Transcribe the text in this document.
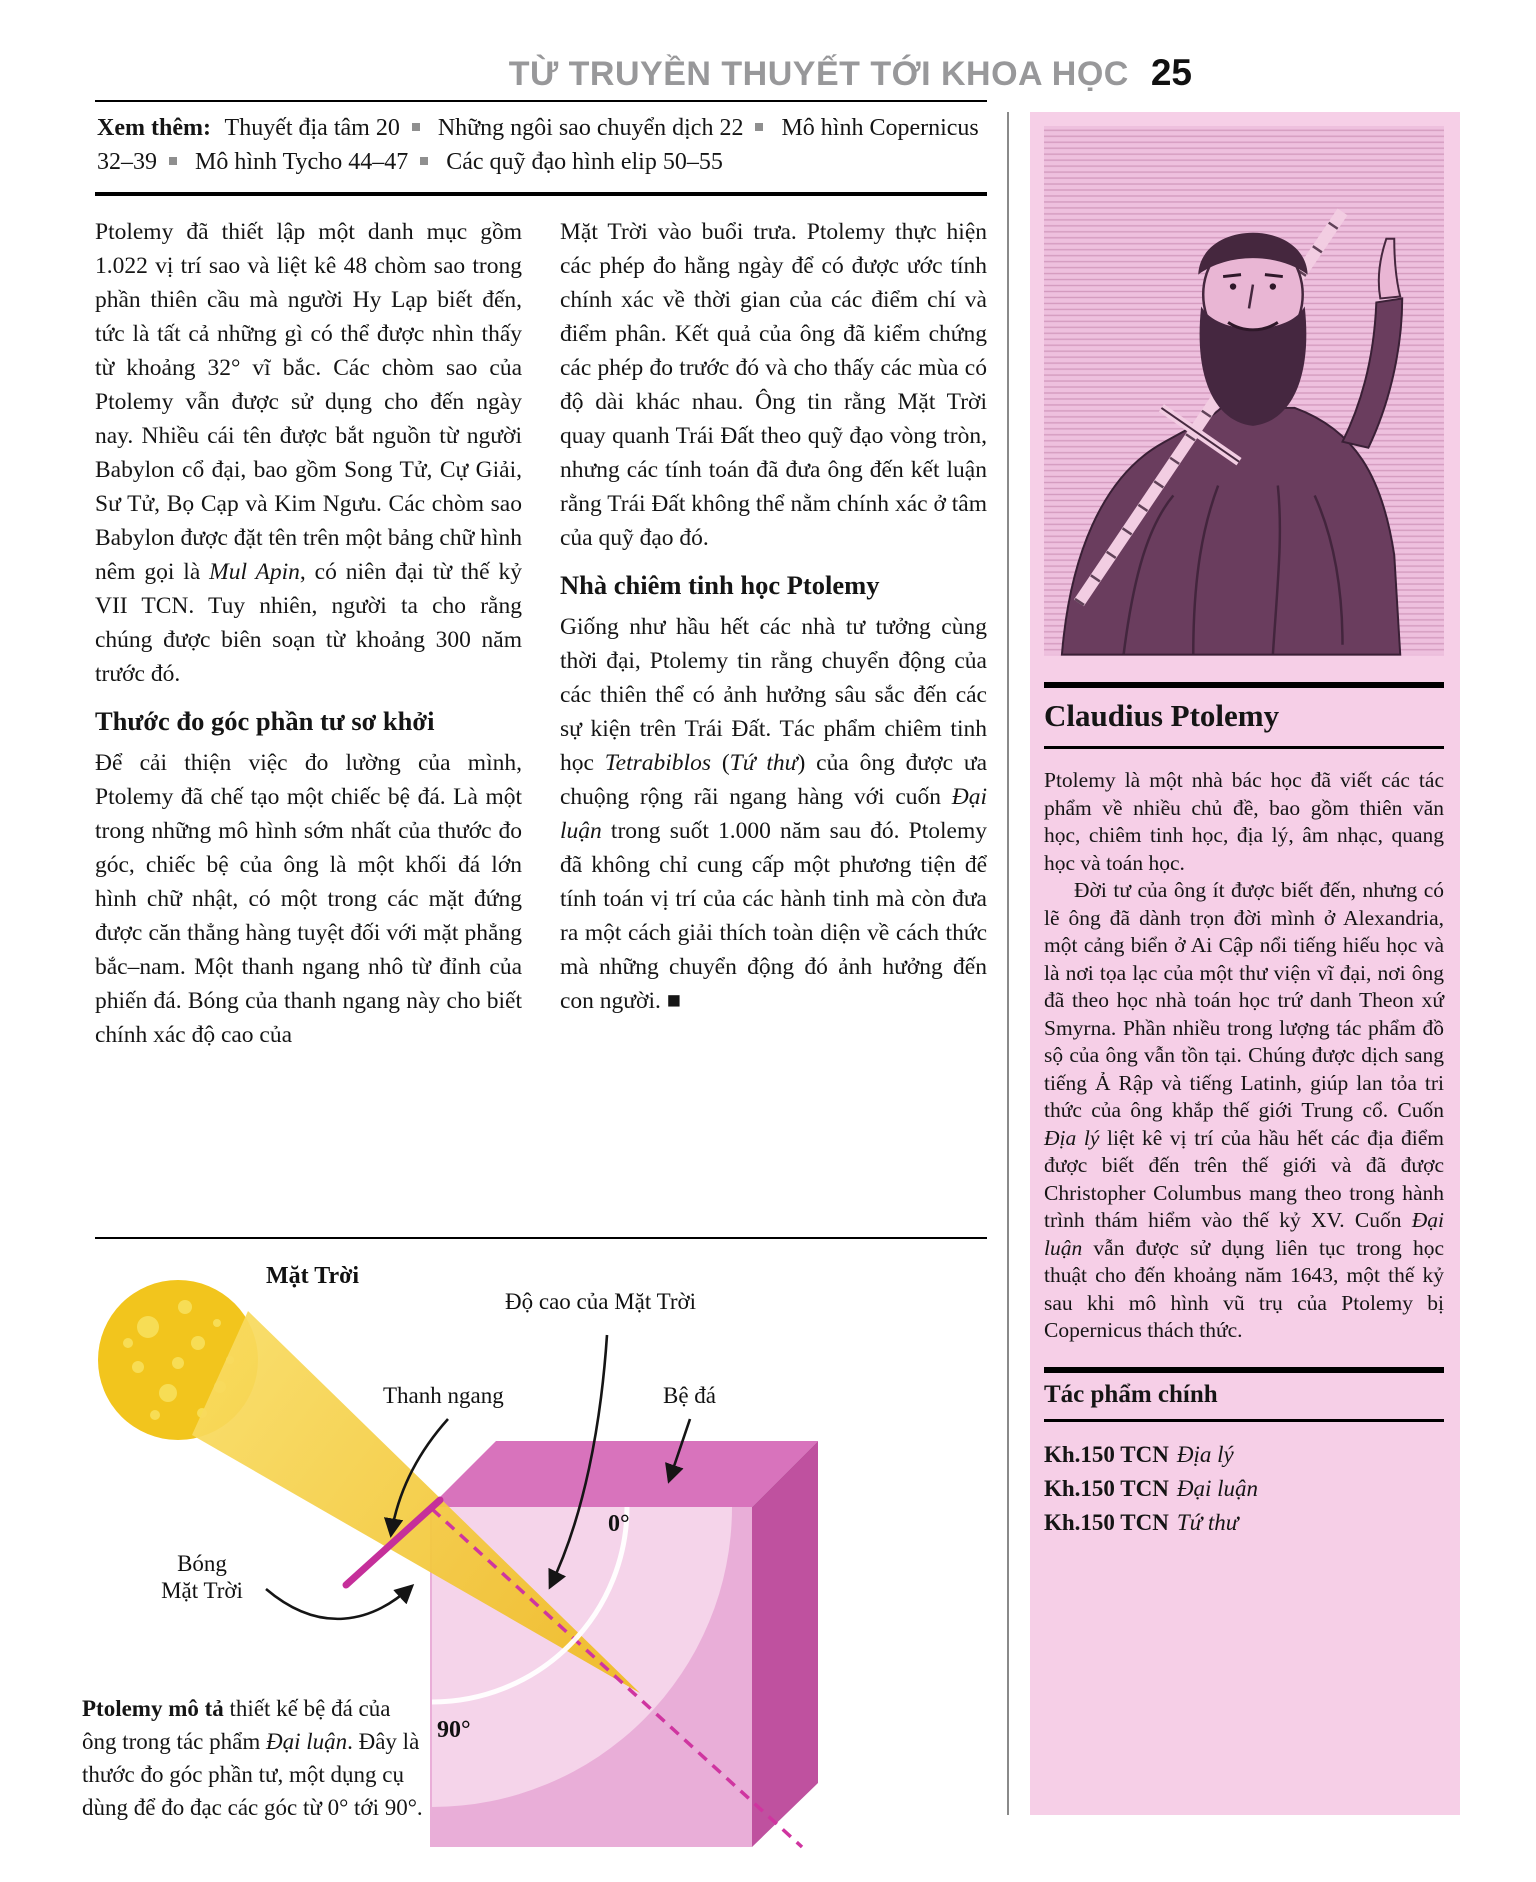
TỪ TRUYỀN THUYẾT TỚI KHOA HỌC 25
Xem thêm: Thuyết địa tâm 20 Những ngôi sao chuyển dịch 22 Mô hình Copernicus 32–39 Mô hình Tycho 44–47 Các quỹ đạo hình elip 50–55

Ptolemy đã thiết lập một danh mục gồm 1.022 vị trí sao và liệt kê 48 chòm sao trong phần thiên cầu mà người Hy Lạp biết đến, tức là tất cả những gì có thể được nhìn thấy từ khoảng 32° vĩ bắc. Các chòm sao của Ptolemy vẫn được sử dụng cho đến ngày nay. Nhiều cái tên được bắt nguồn từ người Babylon cổ đại, bao gồm Song Tử, Cự Giải, Sư Tử, Bọ Cạp và Kim Ngưu. Các chòm sao Babylon được đặt tên trên một bảng chữ hình nêm gọi là Mul Apin, có niên đại từ thế kỷ VII TCN. Tuy nhiên, người ta cho rằng chúng được biên soạn từ khoảng 300 năm trước đó.

Thước đo góc phần tư sơ khởi

Để cải thiện việc đo lường của mình, Ptolemy đã chế tạo một chiếc bệ đá. Là một trong những mô hình sớm nhất của thước đo góc, chiếc bệ của ông là một khối đá lớn hình chữ nhật, có một trong các mặt đứng được căn thẳng hàng tuyệt đối với mặt phẳng bắc–nam. Một thanh ngang nhô từ đỉnh của phiến đá. Bóng của thanh ngang này cho biết chính xác độ cao của

Mặt Trời vào buổi trưa. Ptolemy thực hiện các phép đo hằng ngày để có được ước tính chính xác về thời gian của các điểm chí và điểm phân. Kết quả của ông đã kiểm chứng các phép đo trước đó và cho thấy các mùa có độ dài khác nhau. Ông tin rằng Mặt Trời quay quanh Trái Đất theo quỹ đạo vòng tròn, nhưng các tính toán đã đưa ông đến kết luận rằng Trái Đất không thể nằm chính xác ở tâm của quỹ đạo đó.

Nhà chiêm tinh học Ptolemy

Giống như hầu hết các nhà tư tưởng cùng thời đại, Ptolemy tin rằng chuyển động của các thiên thể có ảnh hưởng sâu sắc đến các sự kiện trên Trái Đất. Tác phẩm chiêm tinh học Tetrabiblos (Tứ thư) của ông được ưa chuộng rộng rãi ngang hàng với cuốn Đại luận trong suốt 1.000 năm sau đó. Ptolemy đã không chỉ cung cấp một phương tiện để tính toán vị trí của các hành tinh mà còn đưa ra một cách giải thích toàn diện về cách thức mà những chuyển động đó ảnh hưởng đến con người. ■

Mặt Trời
Độ cao của Mặt Trời
Thanh ngang	Bệ đá
Bóng
Mặt Trời
0°
90°

Ptolemy mô tả thiết kế bệ đá của ông trong tác phẩm Đại luận. Đây là thước đo góc phần tư, một dụng cụ dùng để đo đạc các góc từ 0° tới 90°.

Claudius Ptolemy

Ptolemy là một nhà bác học đã viết các tác phẩm về nhiều chủ đề, bao gồm thiên văn học, chiêm tinh học, địa lý, âm nhạc, quang học và toán học.

Đời tư của ông ít được biết đến, nhưng có lẽ ông đã dành trọn đời mình ở Alexandria, một cảng biển ở Ai Cập nổi tiếng hiếu học và là nơi tọa lạc của một thư viện vĩ đại, nơi ông đã theo học nhà toán học trứ danh Theon xứ Smyrna. Phần nhiều trong lượng tác phẩm đồ sộ của ông vẫn tồn tại. Chúng được dịch sang tiếng Ả Rập và tiếng Latinh, giúp lan tỏa tri thức của ông khắp thế giới Trung cổ. Cuốn Địa lý liệt kê vị trí của hầu hết các địa điểm được biết đến trên thế giới và đã được Christopher Columbus mang theo trong hành trình thám hiểm vào thế kỷ XV. Cuốn Đại luận vẫn được sử dụng liên tục trong học thuật cho đến khoảng năm 1643, một thế kỷ sau khi mô hình vũ trụ của Ptolemy bị Copernicus thách thức.

Tác phẩm chính
Kh.150 TCN Địa lý
Kh.150 TCN Đại luận
Kh.150 TCN Tứ thư
